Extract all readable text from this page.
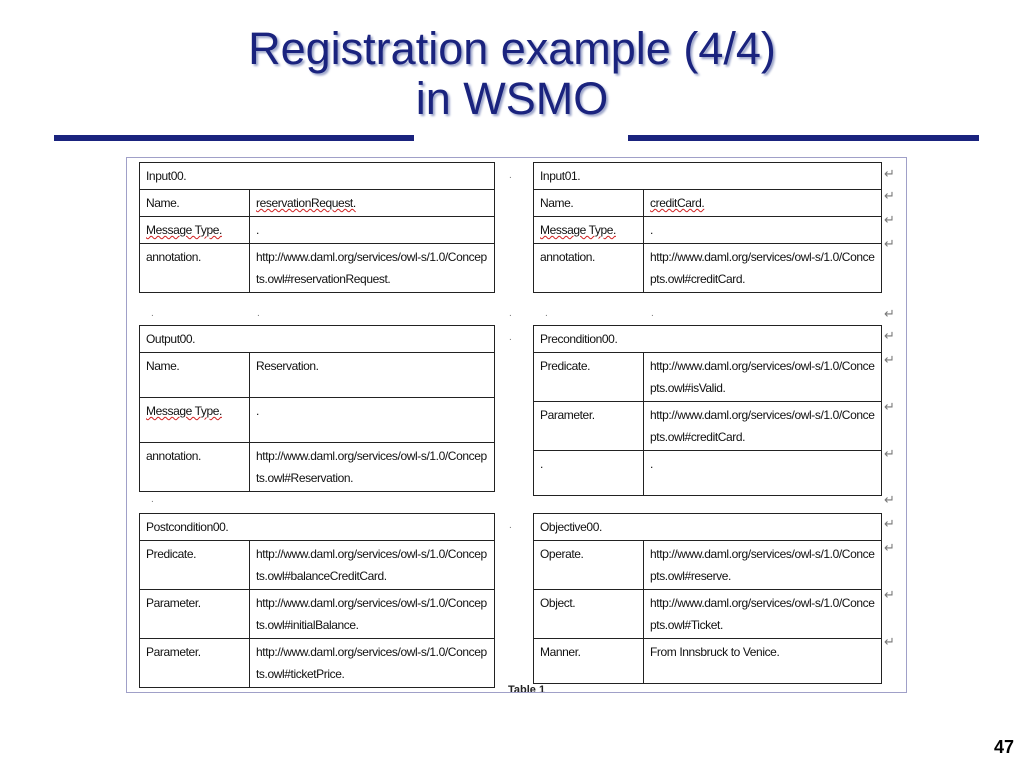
Registration example (4/4)
in WSMO
Input00.	
Name.	reservationRequest.
Message Type.	.
annotation.	http://www.daml.org/services/owl-s/1.0/Concepts.owl#reservationRequest.
Input01.	
Name.	creditCard.
Message Type.	.
annotation.	http://www.daml.org/services/owl-s/1.0/Concepts.owl#creditCard.
Output00.	
Name.	Reservation.
Message Type.	.
annotation.	http://www.daml.org/services/owl-s/1.0/Concepts.owl#Reservation.
Precondition00.	
Predicate.	http://www.daml.org/services/owl-s/1.0/Concepts.owl#isValid.
Parameter.	http://www.daml.org/services/owl-s/1.0/Concepts.owl#creditCard.
.	.
Postcondition00.	
Predicate.	http://www.daml.org/services/owl-s/1.0/Concepts.owl#balanceCreditCard.
Parameter.	http://www.daml.org/services/owl-s/1.0/Concepts.owl#initialBalance.
Parameter.	http://www.daml.org/services/owl-s/1.0/Concepts.owl#ticketPrice.
Objective00.	
Operate.	http://www.daml.org/services/owl-s/1.0/Concepts.owl#reserve.
Object.	http://www.daml.org/services/owl-s/1.0/Concepts.owl#Ticket.
Manner.	From Innsbruck to Venice.
.	.	.	.	.
.
.
.
.
↵
↵
↵
↵
↵
↵
↵
↵
↵
↵
↵
↵
↵
↵
Table 1
47
